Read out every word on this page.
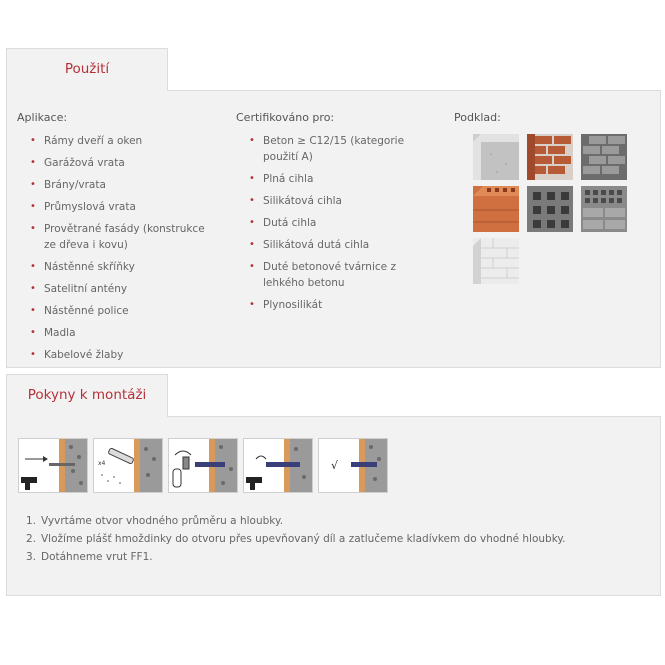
Použití
Aplikace:
• Rámy dveří a oken
• Garážová vrata
• Brány/vrata
• Průmyslová vrata
• Provětrané fasády (konstrukce ze dřeva i kovu)
• Nástěnné skříňky
• Satelitní antény
• Nástěnné police
• Madla
• Kabelové žlaby
Certifikováno pro:
• Beton ≥ C12/15 (kategorie použití A)
• Plná cihla
• Silikátová cihla
• Dutá cihla
• Silikátová dutá cihla
• Duté betonové tvárnice z lehkého betonu
• Plynosilikát
Podklad:
Pokyny k montáži
x4	√
1. Vyvrtáme otvor vhodného průměru a hloubky.
2. Vložíme plášť hmoždinky do otvoru přes upevňovaný díl a zatlučeme kladívkem do vhodné hloubky.
3. Dotáhneme vrut FF1.
